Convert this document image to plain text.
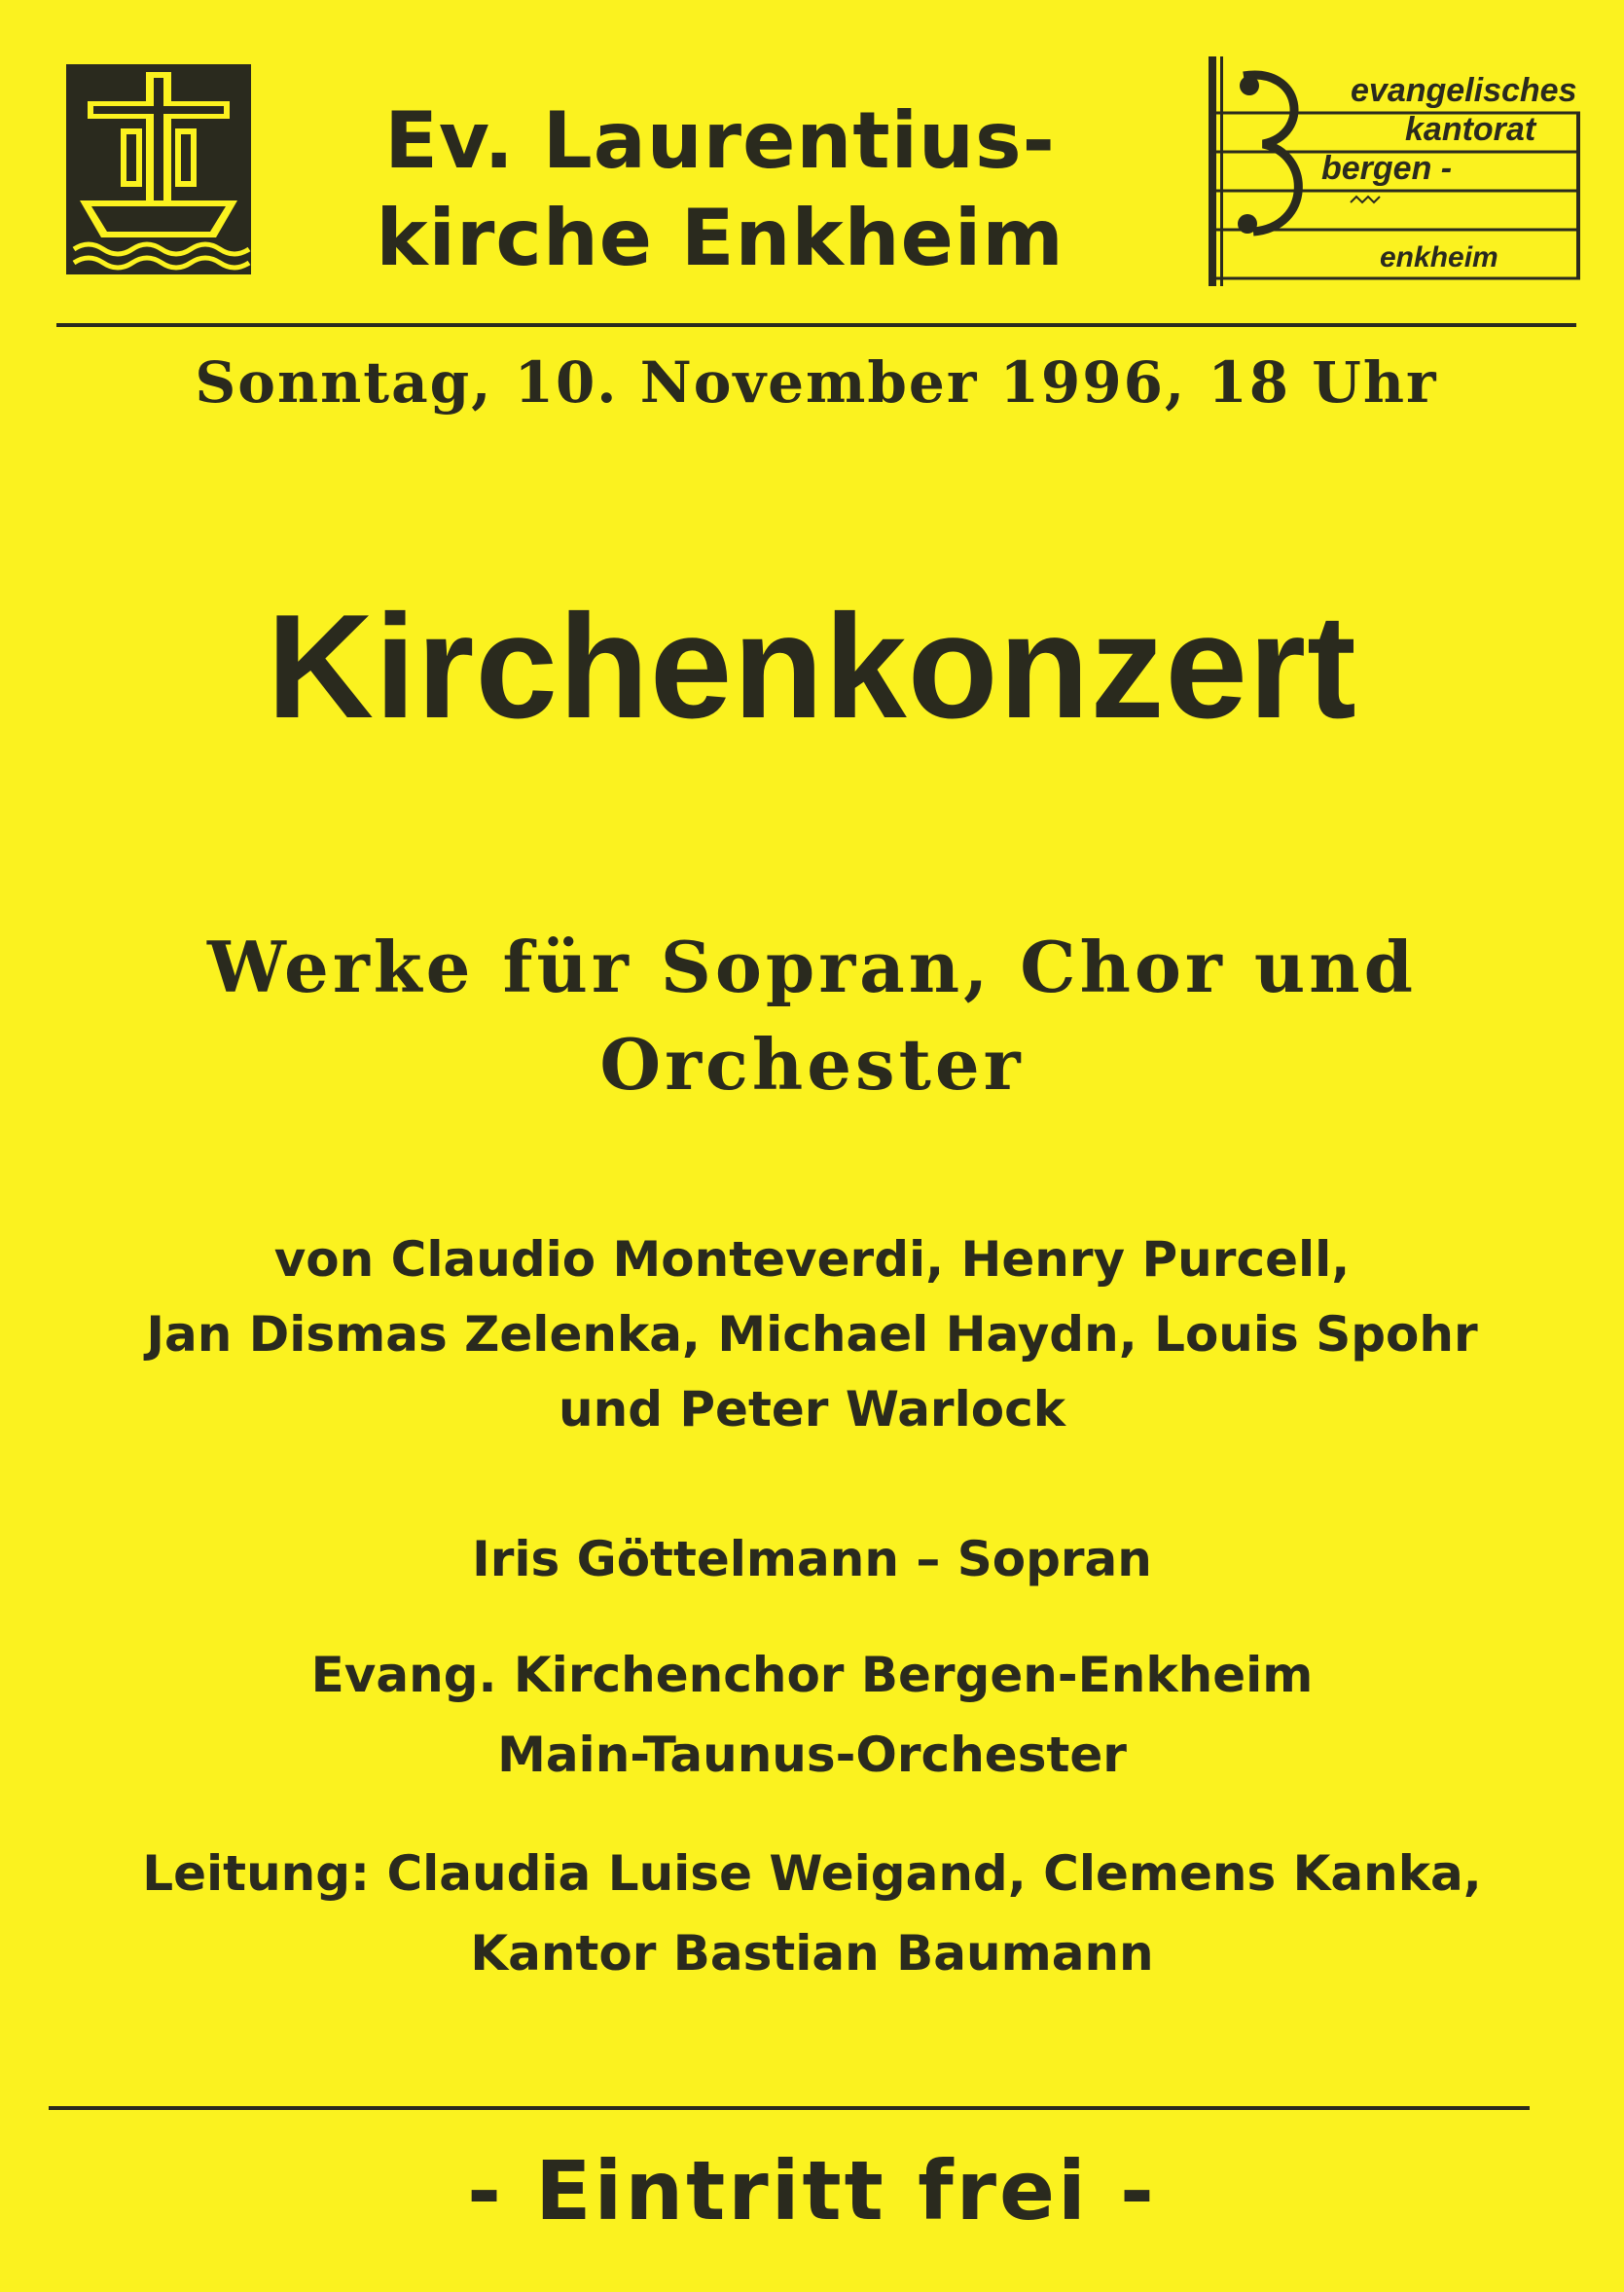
Ev. Laurentius-
kirche Enkheim
evangelisches
kantorat
bergen -
enkheim
Sonntag, 10. November 1996, 18 Uhr
Kirchenkonzert
Werke für Sopran, Chor und
Orchester
von Claudio Monteverdi, Henry Purcell,
Jan Dismas Zelenka, Michael Haydn, Louis Spohr
und Peter Warlock
Iris Göttelmann – Sopran
Evang. Kirchenchor Bergen-Enkheim
Main-Taunus-Orchester
Leitung: Claudia Luise Weigand, Clemens Kanka,
Kantor Bastian Baumann
- Eintritt frei -
